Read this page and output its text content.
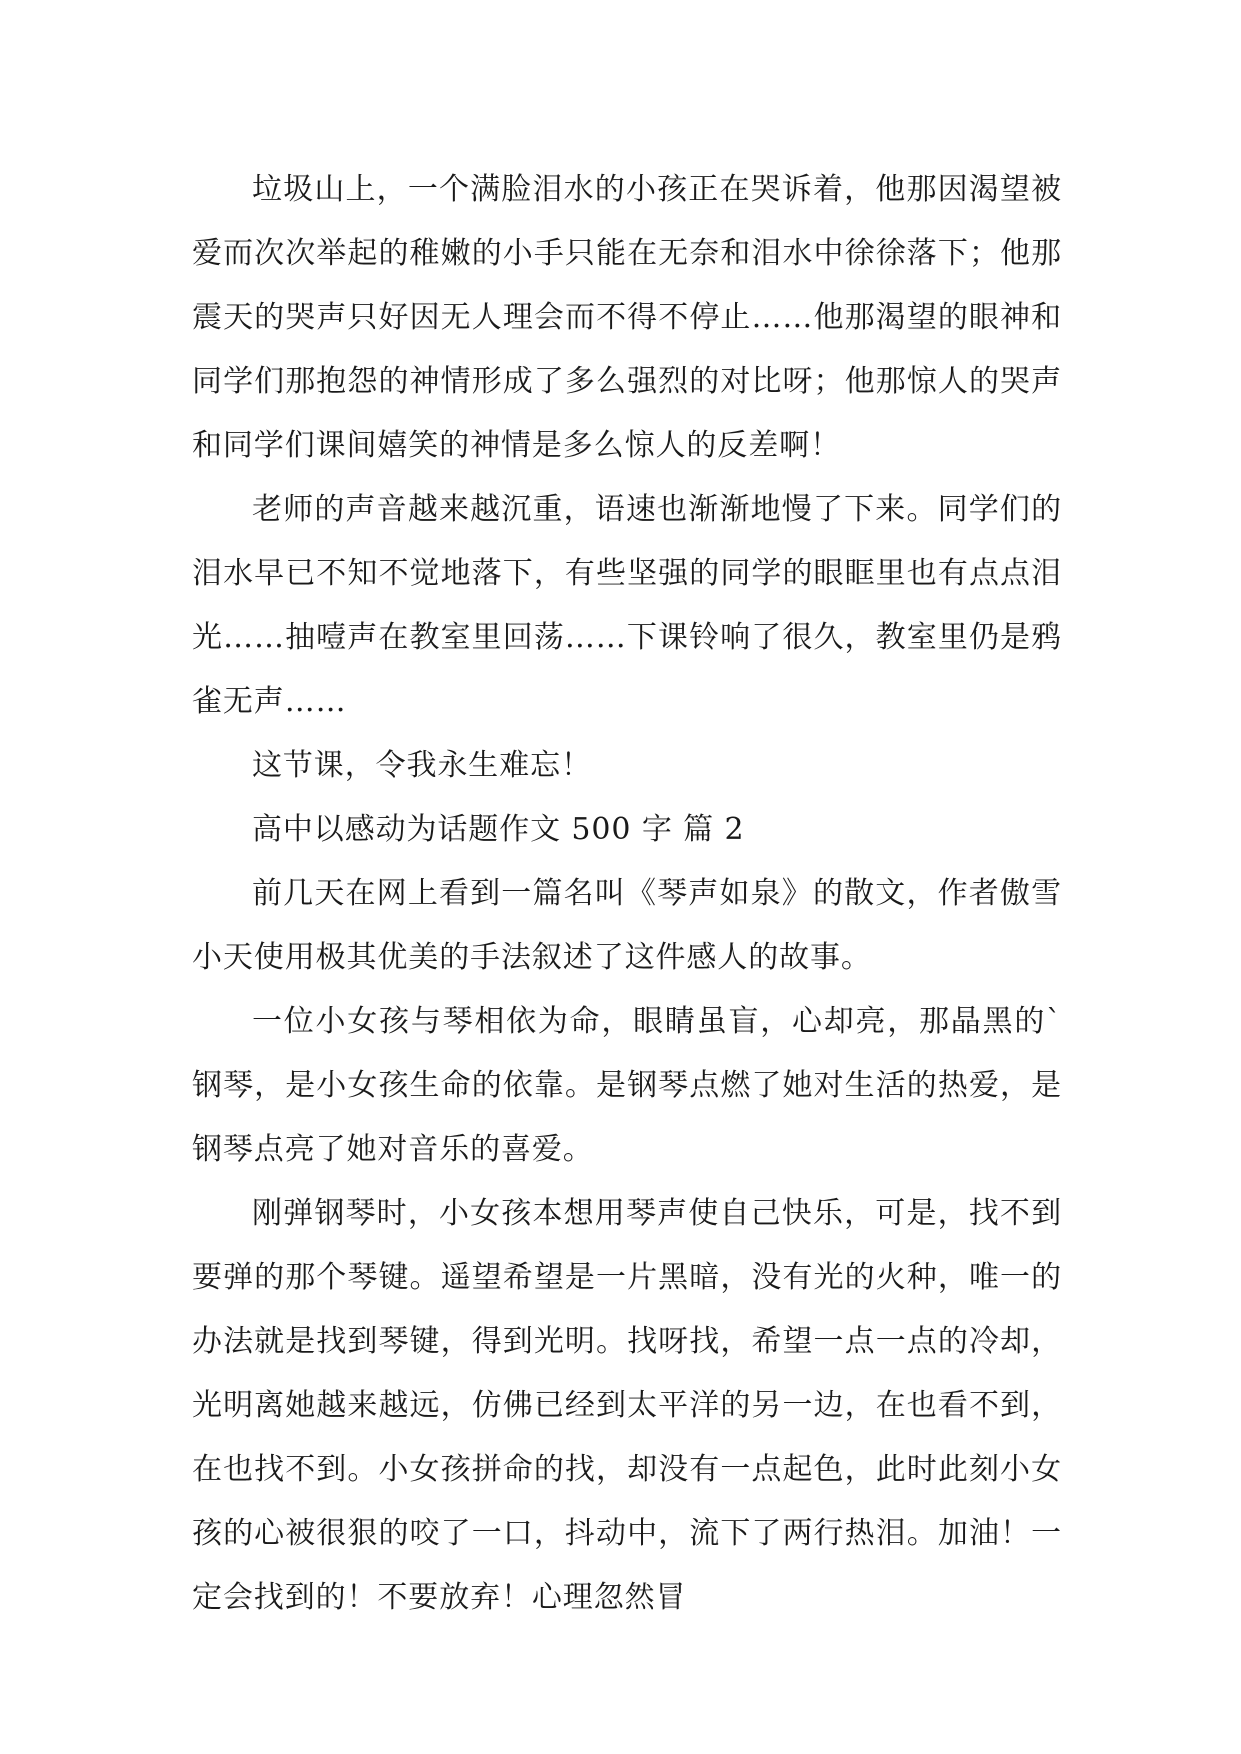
垃圾山上，一个满脸泪水的小孩正在哭诉着，他那因渴望被爱而次次举起的稚嫩的小手只能在无奈和泪水中徐徐落下；他那震天的哭声只好因无人理会而不得不停止……他那渴望的眼神和同学们那抱怨的神情形成了多么强烈的对比呀；他那惊人的哭声和同学们课间嬉笑的神情是多么惊人的反差啊！

老师的声音越来越沉重，语速也渐渐地慢了下来。同学们的泪水早已不知不觉地落下，有些坚强的同学的眼眶里也有点点泪光……抽噎声在教室里回荡……下课铃响了很久，教室里仍是鸦雀无声……

这节课，令我永生难忘！

高中以感动为话题作文 500 字 篇 2

前几天在网上看到一篇名叫《琴声如泉》的散文，作者傲雪小天使用极其优美的手法叙述了这件感人的故事。

一位小女孩与琴相依为命，眼睛虽盲，心却亮，那晶黑的`钢琴，是小女孩生命的依靠。是钢琴点燃了她对生活的热爱，是钢琴点亮了她对音乐的喜爱。

刚弹钢琴时，小女孩本想用琴声使自己快乐，可是，找不到要弹的那个琴键。遥望希望是一片黑暗，没有光的火种，唯一的办法就是找到琴键，得到光明。找呀找，希望一点一点的冷却，光明离她越来越远，仿佛已经到太平洋的另一边，在也看不到，在也找不到。小女孩拼命的找，却没有一点起色，此时此刻小女孩的心被很狠的咬了一口，抖动中，流下了两行热泪。加油！一定会找到的！不要放弃！心理忽然冒
